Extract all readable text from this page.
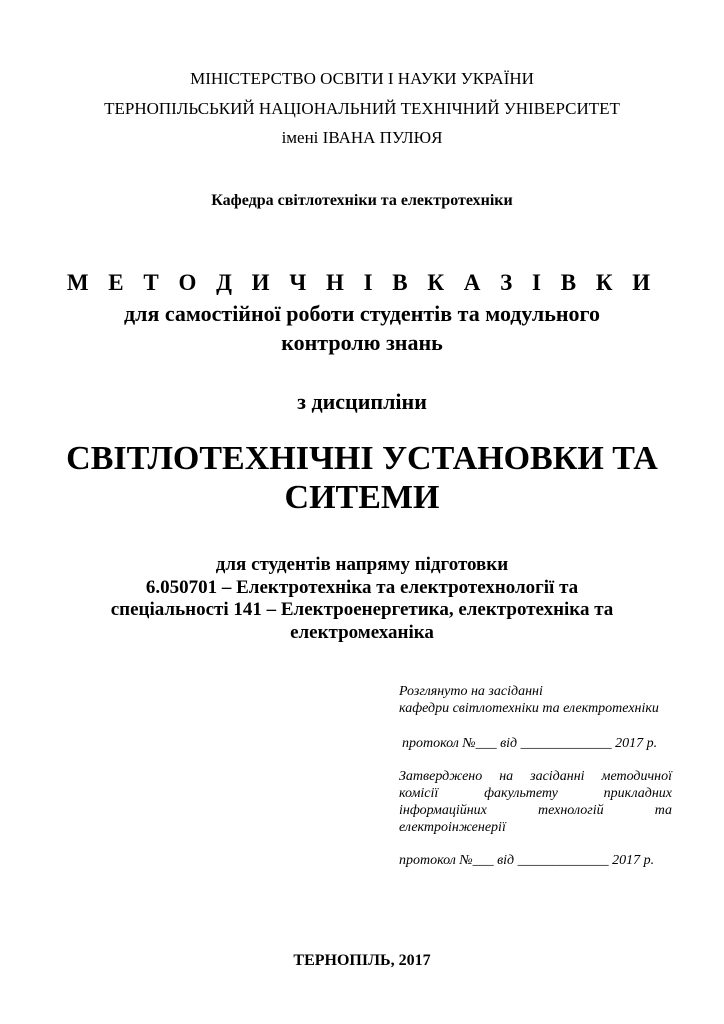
МІНІСТЕРСТВО ОСВІТИ І НАУКИ УКРАЇНИ
ТЕРНОПІЛЬСЬКИЙ НАЦІОНАЛЬНИЙ ТЕХНІЧНИЙ УНІВЕРСИТЕТ
імені ІВАНА ПУЛЮЯ
Кафедра світлотехніки та електротехніки
М Е Т О Д И Ч Н І В К А З І В К И
для самостійної роботи студентів та модульного
контролю знань
з дисципліни
СВІТЛОТЕХНІЧНІ УСТАНОВКИ ТА
СИТЕМИ
для студентів напряму підготовки
6.050701 – Електротехніка та електротехнології та
спеціальності 141 – Електроенергетика, електротехніка та
електромеханіка
Розглянуто на засіданні
кафедри світлотехніки та електротехніки
протокол №___ від _____________ 2017 р.
Затверджено на засіданні методичної комісії факультету прикладних інформаційних технологій та електроінженерії
протокол №___ від _____________ 2017 р.
ТЕРНОПІЛЬ, 2017
